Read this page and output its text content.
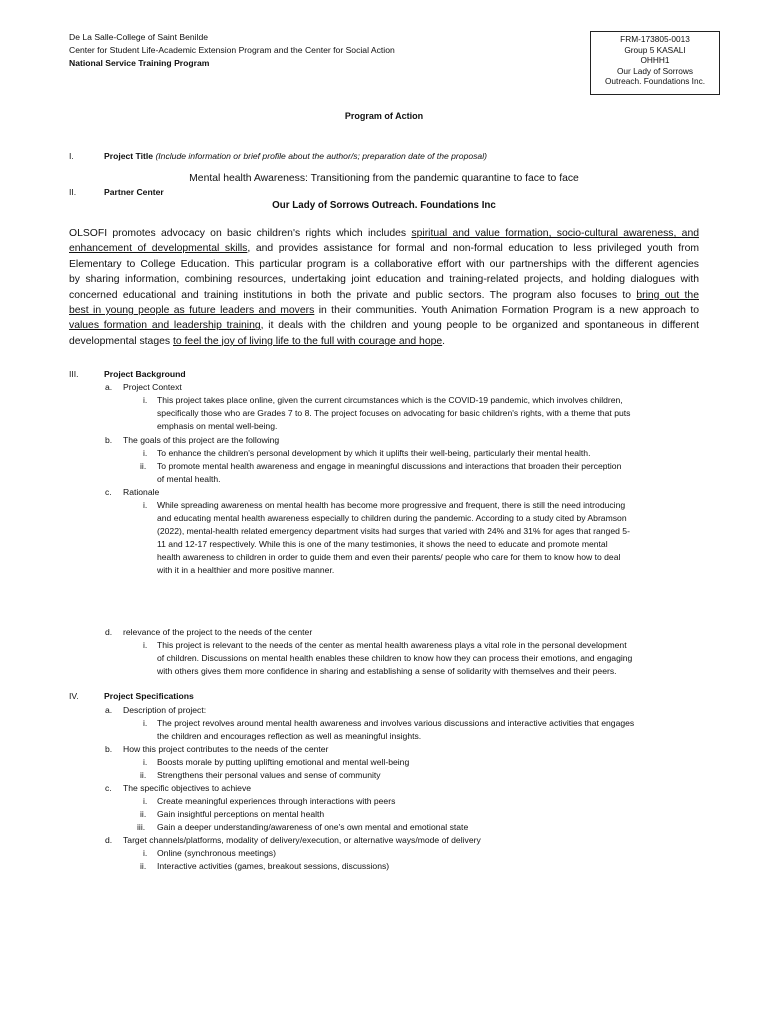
De La Salle-College of Saint Benilde
Center for Student Life-Academic Extension Program and the Center for Social Action
National Service Training Program
FRM-173805-0013
Group 5 KASALI
OHHH1
Our Lady of Sorrows
Outreach. Foundations Inc.
Program of Action
I.	Project Title (Include information or brief profile about the author/s; preparation date of the proposal)
Mental health Awareness: Transitioning from the pandemic quarantine to face to face
II.	Partner Center
Our Lady of Sorrows Outreach. Foundations Inc
OLSOFI promotes advocacy on basic children's rights which includes spiritual and value formation, socio-cultural awareness, and
enhancement of developmental skills, and provides assistance for formal and non-formal education to less privileged youth from
Elementary to College Education. This particular program is a collaborative effort with our partnerships with the different agencies
by sharing information, combining resources, undertaking joint education and training-related projects, and holding dialogues with
concerned educational and training institutions in both the private and public sectors. The program also focuses to bring out the
best in young people as future leaders and movers in their communities. Youth Animation Formation Program is a new approach to
values formation and leadership training, it deals with the children and young people to be organized and spontaneous in different
developmental stages to feel the joy of living life to the full with courage and hope.
III.	Project Background
a. Project Context
i. This project takes place online, given the current circumstances which is the COVID-19 pandemic, which involves children,
specifically those who are Grades 7 to 8. The project focuses on advocating for basic children's rights, with a theme that puts
emphasis on mental well-being.
b. The goals of this project are the following
i. To enhance the children's personal development by which it uplifts their well-being, particularly their mental health.
ii. To promote mental health awareness and engage in meaningful discussions and interactions that broaden their perception
of mental health.
c. Rationale
i. While spreading awareness on mental health has become more progressive and frequent, there is still the need introducing
and educating mental health awareness especially to children during the pandemic. According to a study cited by Abramson
(2022), mental-health related emergency department visits had surges that varied with 24% and 31% for ages that ranged 5-
11 and 12-17 respectively. While this is one of the many testimonies, it shows the need to educate and promote mental
health awareness to children in order to guide them and even their parents/ people who care for them to know how to deal
with it in a healthier and more positive manner.
d. relevance of the project to the needs of the center
i. This project is relevant to the needs of the center as mental health awareness plays a vital role in the personal development
of children. Discussions on mental health enables these children to know how they can process their emotions, and engaging
with others gives them more confidence in sharing and establishing a sense of solidarity with themselves and their peers.
IV.	Project Specifications
a. Description of project:
i. The project revolves around mental health awareness and involves various discussions and interactive activities that engages
the children and encourages reflection as well as meaningful insights.
b. How this project contributes to the needs of the center
i. Boosts morale by putting uplifting emotional and mental well-being
ii. Strengthens their personal values and sense of community
c. The specific objectives to achieve
i. Create meaningful experiences through interactions with peers
ii. Gain insightful perceptions on mental health
iii. Gain a deeper understanding/awareness of one's own mental and emotional state
d. Target channels/platforms, modality of delivery/execution, or alternative ways/mode of delivery
i. Online (synchronous meetings)
ii. Interactive activities (games, breakout sessions, discussions)
